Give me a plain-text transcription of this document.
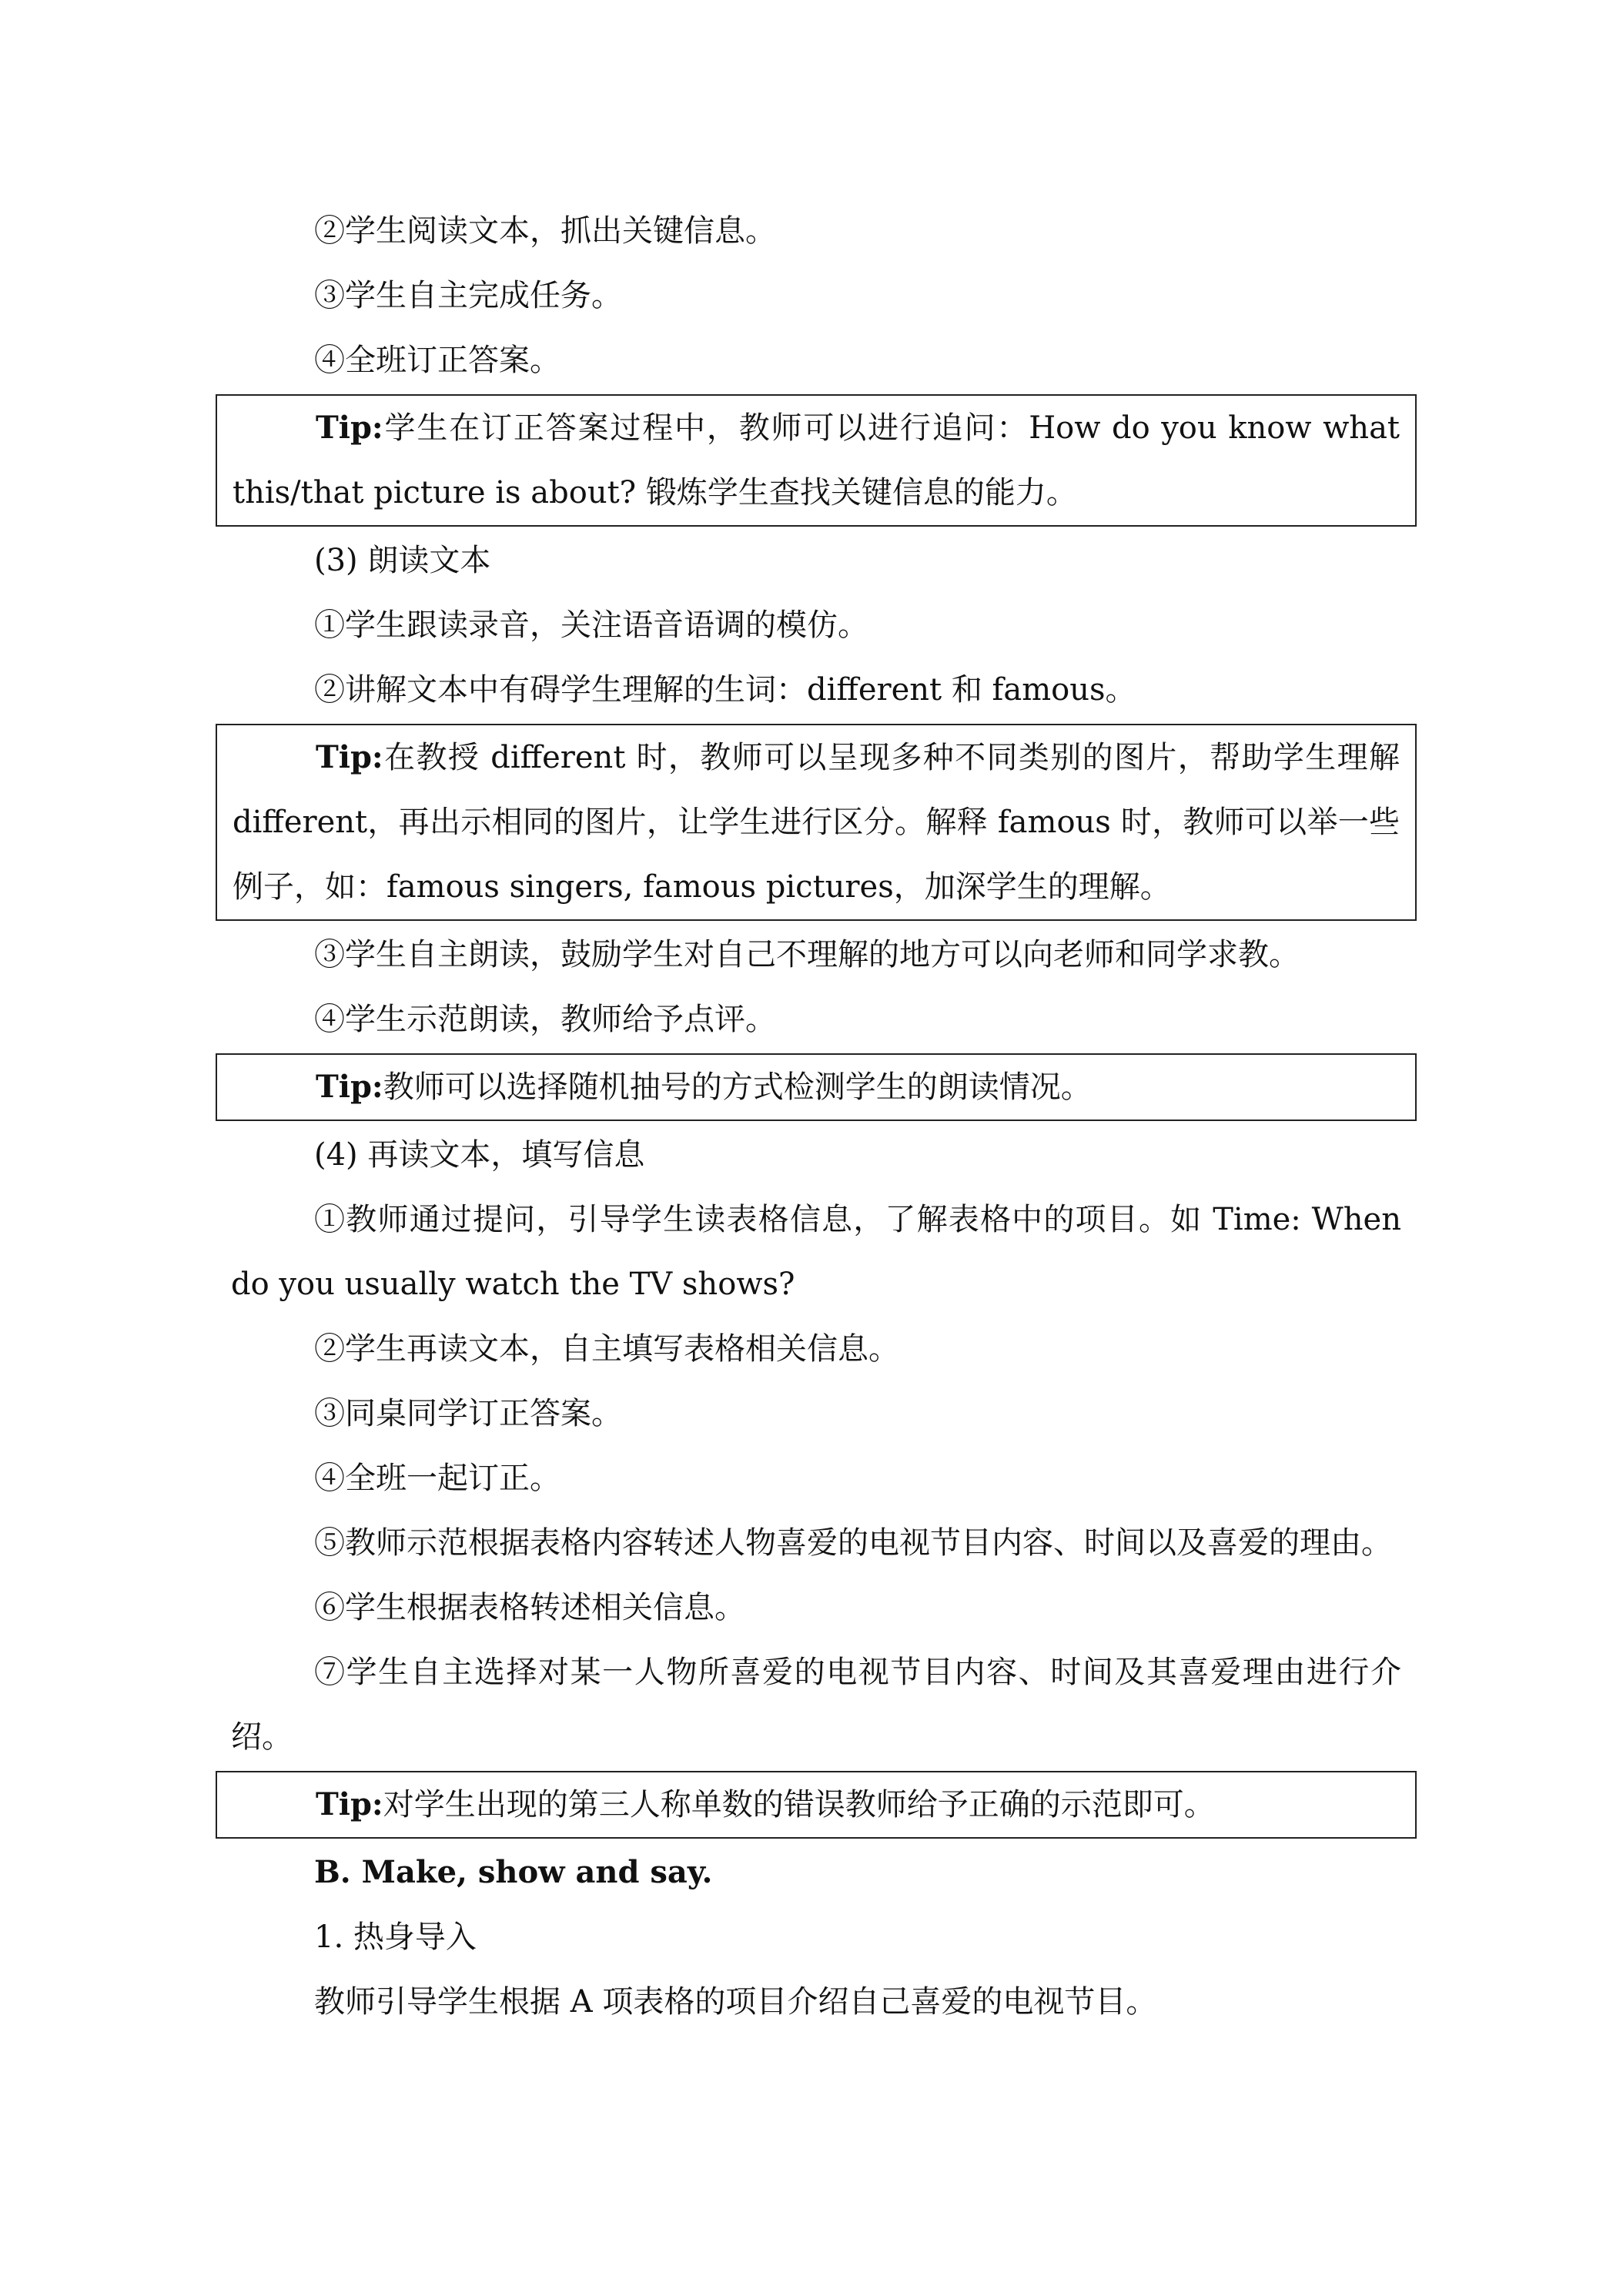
②学生阅读文本，抓出关键信息。
③学生自主完成任务。
④全班订正答案。
Tip:学生在订正答案过程中，教师可以进行追问：How do you know what this/that picture is about? 锻炼学生查找关键信息的能力。
(3) 朗读文本
①学生跟读录音，关注语音语调的模仿。
②讲解文本中有碍学生理解的生词：different 和 famous。
Tip:在教授 different 时，教师可以呈现多种不同类别的图片，帮助学生理解 different，再出示相同的图片，让学生进行区分。解释 famous 时，教师可以举一些例子，如：famous singers, famous pictures，加深学生的理解。
③学生自主朗读，鼓励学生对自己不理解的地方可以向老师和同学求教。
④学生示范朗读，教师给予点评。
Tip:教师可以选择随机抽号的方式检测学生的朗读情况。
(4) 再读文本，填写信息
①教师通过提问，引导学生读表格信息，了解表格中的项目。如 Time: When do you usually watch the TV shows?
②学生再读文本，自主填写表格相关信息。
③同桌同学订正答案。
④全班一起订正。
⑤教师示范根据表格内容转述人物喜爱的电视节目内容、时间以及喜爱的理由。
⑥学生根据表格转述相关信息。
⑦学生自主选择对某一人物所喜爱的电视节目内容、时间及其喜爱理由进行介绍。
Tip:对学生出现的第三人称单数的错误教师给予正确的示范即可。
B. Make, show and say.
1. 热身导入
教师引导学生根据 A 项表格的项目介绍自己喜爱的电视节目。
